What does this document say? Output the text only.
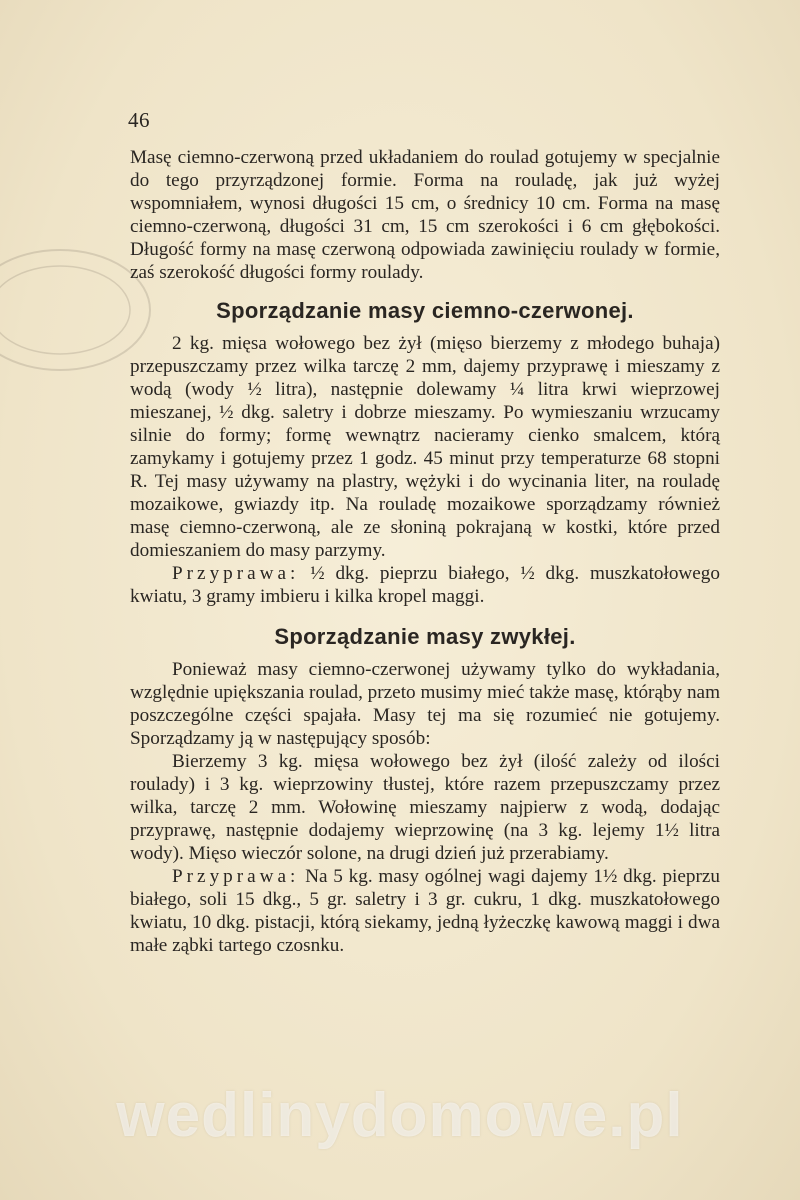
46

Masę ciemno-czerwoną przed układaniem do roulad gotujemy w specjalnie do tego przyrządzonej formie. Forma na rouladę, jak już wyżej wspomniałem, wynosi długości 15 cm, o średnicy 10 cm. Forma na masę ciemno-czerwoną, długości 31 cm, 15 cm szerokości i 6 cm głębokości. Długość formy na masę czerwoną odpowiada zawinięciu roulady w formie, zaś szerokość długości formy roulady.

Sporządzanie masy ciemno-czerwonej.

2 kg. mięsa wołowego bez żył (mięso bierzemy z młodego buhaja) przepuszczamy przez wilka tarczę 2 mm, dajemy przyprawę i mieszamy z wodą (wody ½ litra), następnie dolewamy ¼ litra krwi wieprzowej mieszanej, ½ dkg. saletry i dobrze mieszamy. Po wymieszaniu wrzucamy silnie do formy; formę wewnątrz nacieramy cienko smalcem, którą zamykamy i gotujemy przez 1 godz. 45 minut przy temperaturze 68 stopni R. Tej masy używamy na plastry, wężyki i do wycinania liter, na rouladę mozaikowe, gwiazdy itp. Na rouladę mozaikowe sporządzamy również masę ciemno-czerwoną, ale ze słoniną pokrajaną w kostki, które przed domieszaniem do masy parzymy.

Przyprawa: ½ dkg. pieprzu białego, ½ dkg. muszkatołowego kwiatu, 3 gramy imbieru i kilka kropel maggi.

Sporządzanie masy zwykłej.

Ponieważ masy ciemno-czerwonej używamy tylko do wykładania, względnie upiększania roulad, przeto musimy mieć także masę, którąby nam poszczególne części spajała. Masy tej ma się rozumieć nie gotujemy. Sporządzamy ją w następujący sposób:

Bierzemy 3 kg. mięsa wołowego bez żył (ilość zależy od ilości roulady) i 3 kg. wieprzowiny tłustej, które razem przepuszczamy przez wilka, tarczę 2 mm. Wołowinę mieszamy najpierw z wodą, dodając przyprawę, następnie dodajemy wieprzowinę (na 3 kg. lejemy 1½ litra wody). Mięso wieczór solone, na drugi dzień już przerabiamy.

Przyprawa: Na 5 kg. masy ogólnej wagi dajemy 1½ dkg. pieprzu białego, soli 15 dkg., 5 gr. saletry i 3 gr. cukru, 1 dkg. muszkatołowego kwiatu, 10 dkg. pistacji, którą siekamy, jedną łyżeczkę kawową maggi i dwa małe ząbki tartego czosnku.

wedlinydomowe.pl
